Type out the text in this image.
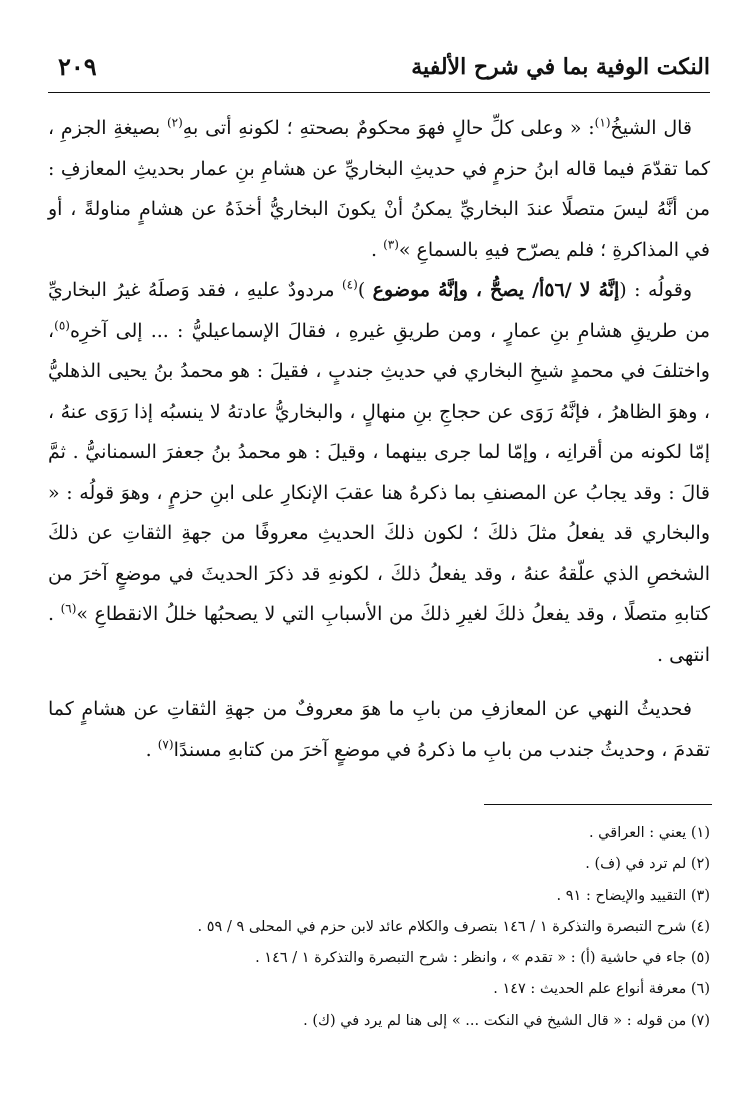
النكت الوفية بما في شرح الألفية
٢٠٩

قال الشيخُ$^{(١)}$: « وعلى كلِّ حالٍ فهوَ محكومٌ بصحتهِ ؛ لكونهِ أتى بهِ$^{(٢)}$ بصيغةِ الجزمِ ، كما تقدّمَ فيما قاله ابنُ حزمٍ في حديثِ البخاريِّ عن هشامِ بنِ عمار بحديثِ المعازفِ : من أنَّهُ ليسَ متصلًا عندَ البخاريِّ يمكنُ أنْ يكونَ البخاريُّ أخذَهُ عن هشامٍ مناولةً ، أو في المذاكرةِ ؛ فلم يصرّح فيهِ بالسماعِ »$^{(٣)}$ .

وقولُه : (إنَّهُ لا /٥٦أ/ يصحُّ ، وإنَّهُ موضوع )$^{(٤)}$ مردودٌ عليهِ ، فقد وَصلَهُ غيرُ البخاريِّ من طريقِ هشامِ بنِ عمارٍ ، ومن طريقِ غيرهِ ، فقالَ الإسماعيليُّ : ... إلى آخرِه$^{(٥)}$، واختلفَ في محمدٍ شيخِ البخاري في حديثِ جندبٍ ، فقيلَ : هو محمدُ بنُ يحيى الذهليُّ ، وهوَ الظاهرُ ، فإنَّهُ رَوَى عن حجاجِ بنِ منهالٍ ، والبخاريُّ عادتهُ لا ينسبُه إذا رَوَى عنهُ ، إمّا لكونه من أقرانِه ، وإمّا لما جرى بينهما ، وقيلَ : هو محمدُ بنُ جعفرَ السمنانيُّ . ثمَّ قالَ : وقد يجابُ عن المصنفِ بما ذكرهُ هنا عقبَ الإنكارِ على ابنِ حزمٍ ، وهوَ قولُه : « والبخاري قد يفعلُ مثلَ ذلكَ ؛ لكون ذلكَ الحديثِ معروفًا من جهةِ الثقاتِ عن ذلكَ الشخصِ الذي علّقهُ عنهُ ، وقد يفعلُ ذلكَ ، لكونهِ قد ذكرَ الحديثَ في موضعٍ آخرَ من كتابهِ متصلًا ، وقد يفعلُ ذلكَ لغيرِ ذلكَ من الأسبابِ التي لا يصحبُها خللُ الانقطاعِ »$^{(٦)}$ . انتهى .

فحديثُ النهي عن المعازفِ من بابِ ما هوَ معروفٌ من جهةِ الثقاتِ عن هشامٍ كما تقدمَ ، وحديثُ جندب من بابِ ما ذكرهُ في موضعٍ آخرَ من كتابهِ مسندًا$^{(٧)}$ .

(١) يعني : العراقي .
(٢) لم ترد في (ف) .
(٣) التقييد والإيضاح : ٩١ .
(٤) شرح التبصرة والتذكرة ١ / ١٤٦ بتصرف والكلام عائد لابن حزم في المحلى ٩ / ٥٩ .
(٥) جاء في حاشية (أ) : « تقدم » ، وانظر : شرح التبصرة والتذكرة ١ / ١٤٦ .
(٦) معرفة أنواع علم الحديث : ١٤٧ .
(٧) من قوله : « قال الشيخ في النكت ... » إلى هنا لم يرد في (ك) .
